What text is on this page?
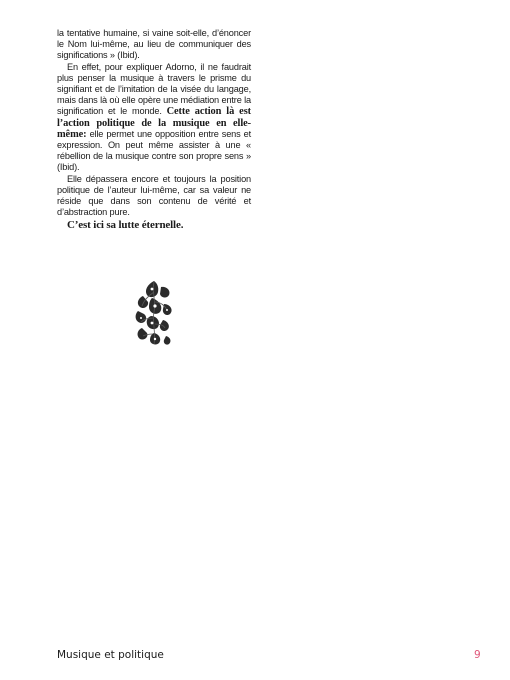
la tentative humaine, si vaine soit-elle, d’énoncer le Nom lui-même, au lieu de communiquer des significations » (Ibid).

En effet, pour expliquer Adorno, il ne faudrait plus penser la musique à travers le prisme du signifiant et de l’imitation de la visée du langage, mais dans là où elle opère une médiation entre la signification et le monde. Cette action là est l’action politique de la musique en elle-même: elle permet une opposition entre sens et expression. On peut même assister à une « rébellion de la musique contre son propre sens » (Ibid).

Elle dépassera encore et toujours la position politique de l’auteur lui-même, car sa valeur ne réside que dans son contenu de vérité et d’abstraction pure.

C’est ici sa lutte éternelle.

Musique et politique	9
